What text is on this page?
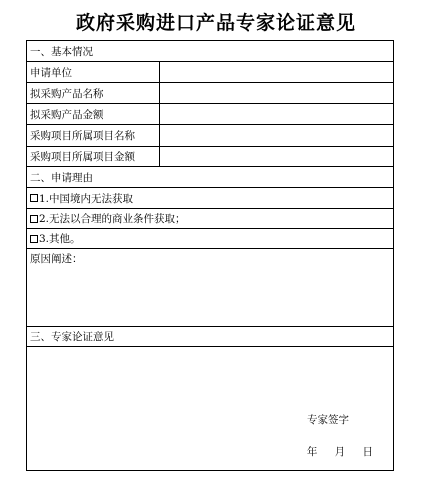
政府采购进口产品专家论证意见
一、基本情况
申请单位
拟采购产品名称
拟采购产品金额
采购项目所属项目名称
采购项目所属项目金额
二、申请理由
1.中国境内无法获取
2.无法以合理的商业条件获取；
3.其他。
原因阐述：
三、专家论证意见
专家签字
年 月 日
